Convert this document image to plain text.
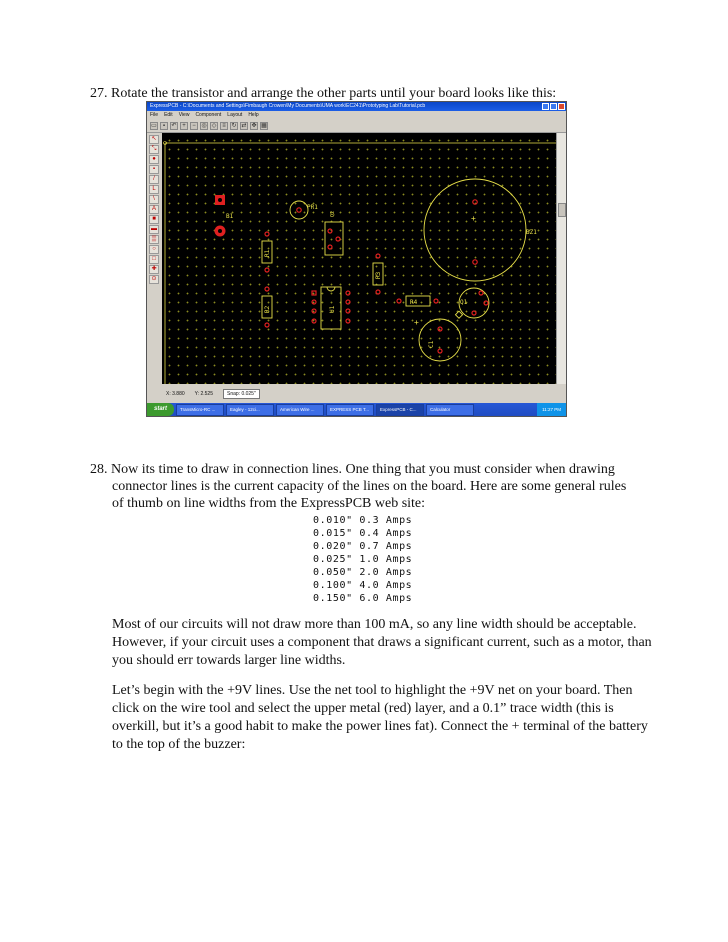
27. Rotate the transistor and arrange the other parts until your board looks like this:
ExpressPCB - C:\Documents and Settings\Fimbaugh Crowen\My Documents\UMA work\EC241\Prototyping Lab\Tutorial.pcb
File Edit View Component Layout Help
▭	▪	↶ +	− ◎ ◇ ≡ ↻ ⇄ ✥ ▦
↖
⤡
●
▪
/
L
\
A
■
▬
▒
○
□
✚
⊙
B1
PR1
Q2
R1
R2
R3
U1
R4	Q1
+
C1
+
BZ1
X: 3.880 Y: 2.525	Snap: 0.025"
start	TransMicro-RC ...	Eagley - 12ci...	American Wire ...	EXPRESS PCB T...	ExpressPCB - C...	Calculator	11:27 PM
28. Now its time to draw in connection lines. One thing that you must consider when drawing
connector lines is the current capacity of the lines on the board. Here are some general rules
of thumb on line widths from the ExpressPCB web site:
0.010" 0.3 Amps
0.015" 0.4 Amps
0.020" 0.7 Amps
0.025" 1.0 Amps
0.050" 2.0 Amps
0.100" 4.0 Amps
0.150" 6.0 Amps

Most of our circuits will not draw more than 100 mA, so any line width should be acceptable. However, if your circuit uses a component that draws a significant current, such as a motor, than you should err towards larger line widths.

Let’s begin with the +9V lines. Use the net tool to highlight the +9V net on your board. Then click on the wire tool and select the upper metal (red) layer, and a 0.1” trace width (this is overkill, but it’s a good habit to make the power lines fat). Connect the + terminal of the battery to the top of the buzzer:
